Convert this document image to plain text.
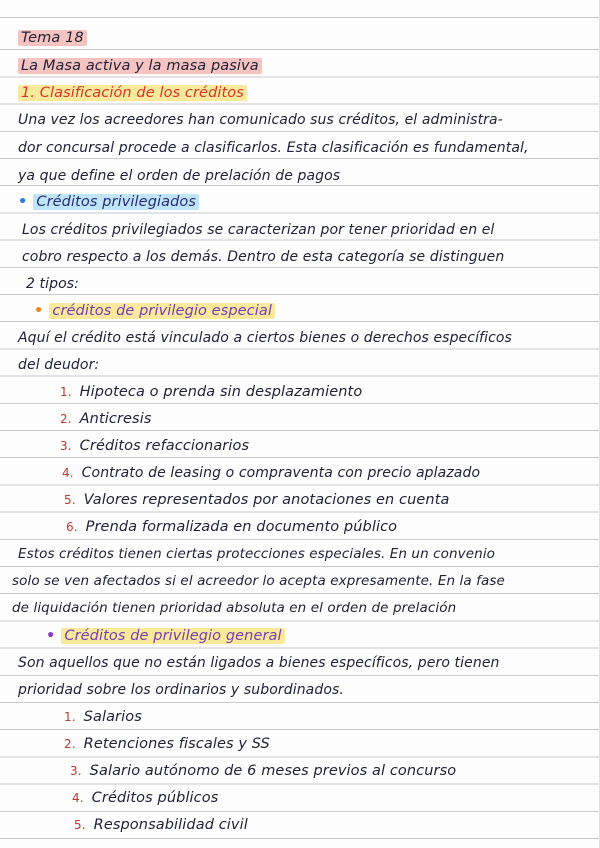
Tema 18
La Masa activa y la masa pasiva
1. Clasificación de los créditos
Una vez los acreedores han comunicado sus créditos, el administra-
dor concursal procede a clasificarlos. Esta clasificación es fundamental,
ya que define el orden de prelación de pagos
• Créditos privilegiados
Los créditos privilegiados se caracterizan por tener prioridad en el
cobro respecto a los demás. Dentro de esta categoría se distinguen
2 tipos:
• créditos de privilegio especial
Aquí el crédito está vinculado a ciertos bienes o derechos específicos
del deudor:
1. Hipoteca o prenda sin desplazamiento
2. Anticresis
3. Créditos refaccionarios
4. Contrato de leasing o compraventa con precio aplazado
5. Valores representados por anotaciones en cuenta
6. Prenda formalizada en documento público
Estos créditos tienen ciertas protecciones especiales. En un convenio
solo se ven afectados si el acreedor lo acepta expresamente. En la fase
de liquidación tienen prioridad absoluta en el orden de prelación
• Créditos de privilegio general
Son aquellos que no están ligados a bienes específicos, pero tienen
prioridad sobre los ordinarios y subordinados.
1. Salarios
2. Retenciones fiscales y SS
3. Salario autónomo de 6 meses previos al concurso
4. Créditos públicos
5. Responsabilidad civil
